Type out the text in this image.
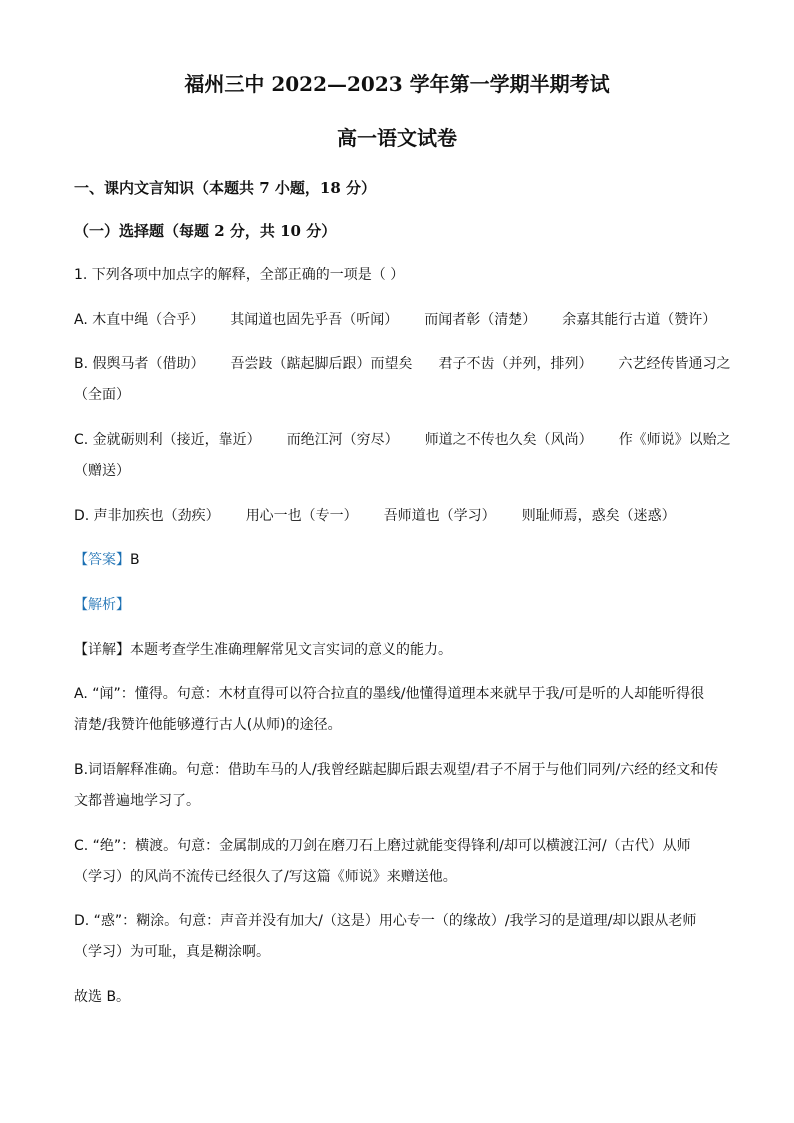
福州三中 2022—2023 学年第一学期半期考试
高一语文试卷
一、课内文言知识（本题共 7 小题，18 分）
（一）选择题（每题 2 分，共 10 分）
1. 下列各项中加点字的解释，全部正确的一项是（ ）
A. 木直中绳（合乎） 其闻道也固先乎吾（听闻） 而闻者彰（清楚） 余嘉其能行古道（赞许）
B. 假舆马者（借助） 吾尝跂（踮起脚后跟）而望矣 君子不齿（并列，排列） 六艺经传皆通习之
（全面）
C. 金就砺则利（接近，靠近） 而绝江河（穷尽） 师道之不传也久矣（风尚） 作《师说》以贻之
（赠送）
D. 声非加疾也（劲疾） 用心一也（专一） 吾师道也（学习） 则耻师焉，惑矣（迷惑）
【答案】B
【解析】
【详解】本题考查学生准确理解常见文言实词的意义的能力。
A. “闻”：懂得。句意：木材直得可以符合拉直的墨线/他懂得道理本来就早于我/可是听的人却能听得很
清楚/我赞许他能够遵行古人(从师)的途径。
B.词语解释准确。句意：借助车马的人/我曾经踮起脚后跟去观望/君子不屑于与他们同列/六经的经文和传
文都普遍地学习了。
C. “绝”：横渡。句意：金属制成的刀剑在磨刀石上磨过就能变得锋利/却可以横渡江河/（古代）从师
（学习）的风尚不流传已经很久了/写这篇《师说》来赠送他。
D. “惑”：糊涂。句意：声音并没有加大/（这是）用心专一（的缘故）/我学习的是道理/却以跟从老师
（学习）为可耻，真是糊涂啊。
故选 B。
